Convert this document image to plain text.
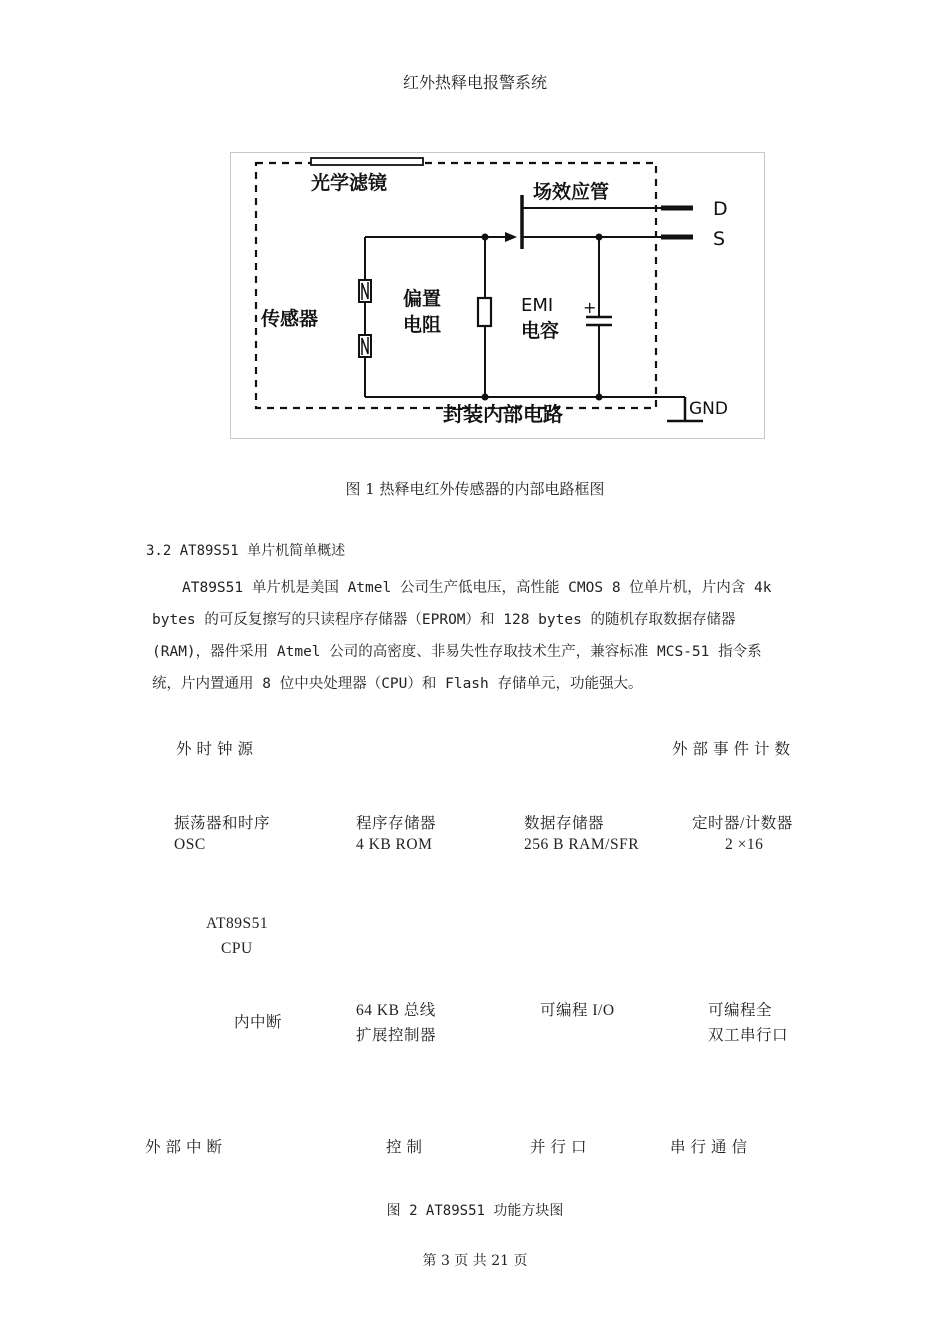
红外热释电报警系统
光学滤镜	场效应管
D
S
传感器
偏置
电阻
EMI
电容
+
封装内部电路	GND
图 1 热释电红外传感器的内部电路框图
3.2 AT89S51 单片机简单概述
AT89S51 单片机是美国 Atmel 公司生产低电压，高性能 CMOS 8 位单片机，片内含 4k
bytes 的可反复擦写的只读程序存储器（EPROM）和 128 bytes 的随机存取数据存储器
(RAM)，器件采用 Atmel 公司的高密度、非易失性存取技术生产，兼容标准 MCS-51 指令系
统，片内置通用 8 位中央处理器（CPU）和 Flash 存储单元，功能强大。
外时钟源	外部事件计数
振荡器和时序
OSC
程序存储器
4 KB ROM
数据存储器
256 B RAM/SFR
定时器/计数器
2 ×16
AT89S51
CPU
内中断
64 KB 总线
扩展控制器
可编程 I/O	可编程全
双工串行口
外部中断	控制	并行口	串行通信
图 2 AT89S51 功能方块图
第 3 页 共 21 页
